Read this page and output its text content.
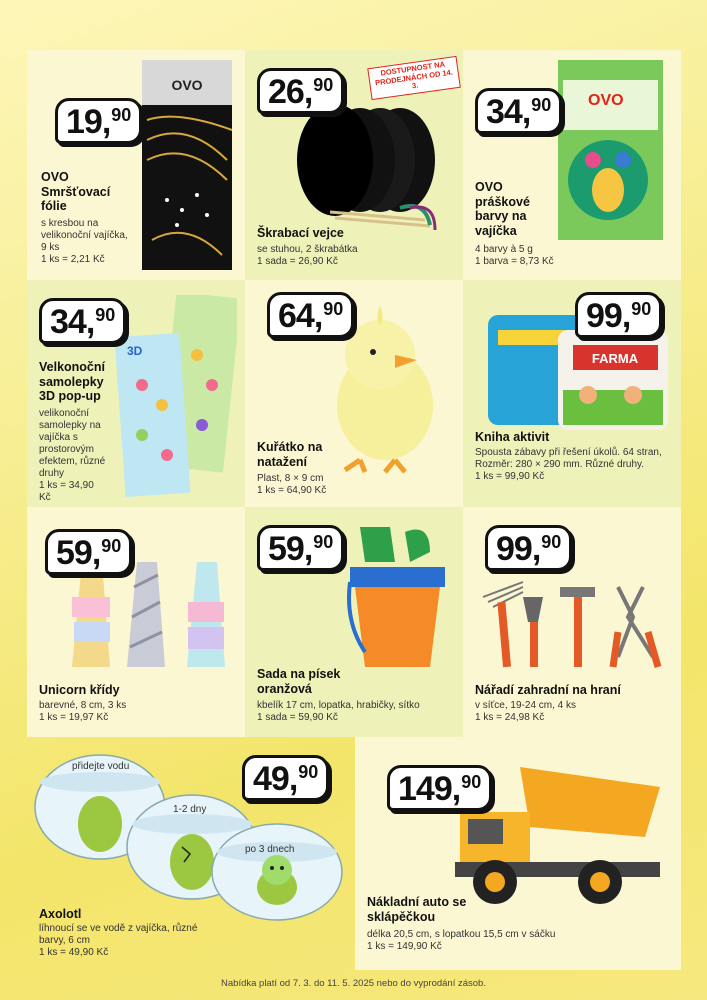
19 , 90
OVO
OVO Smršťovací fólie
s kresbou na velikonoční vajíčka, 9 ks
1 ks = 2,21 Kč
26 , 90
DOSTUPNOST NA PRODEJNÁCH OD 14. 3.
Škrabací vejce
se stuhou, 2 škrabátka
1 sada = 26,90 Kč
34 , 90 OVO
OVO práškové barvy na vajíčka
4 barvy à 5 g
1 barva = 8,73 Kč
34 , 90
3D
Velkonoční samolepky 3D pop-up
velikonoční samolepky na vajíčka s prostorovým efektem, různé druhy
1 ks = 34,90 Kč
64 , 90
Kuřátko na natažení
Plast, 8 × 9 cm
1 ks = 64,90 Kč
99 , 90
FARMA
Kniha aktivit
Spousta zábavy při řešení úkolů. 64 stran, Rozměr: 280 × 290 mm. Různé druhy.
1 ks = 99,90 Kč
59 , 90
Unicorn křídy
barevné, 8 cm, 3 ks
1 ks = 19,97 Kč
59 , 90
Sada na písek oranžová
kbelík 17 cm, lopatka, hrabičky, sítko
1 sada = 59,90 Kč
99 , 90
Nářadí zahradní na hraní
v síťce, 19-24 cm, 4 ks
1 ks = 24,98 Kč
49 , 90
přidejte vodu
1-2 dny
po 3 dnech
Axolotl
líhnoucí se ve vodě z vajíčka, různé barvy, 6 cm
1 ks = 49,90 Kč
149 , 90
Nákladní auto se sklápěčkou
délka 20,5 cm, s lopatkou 15,5 cm v sáčku
1 ks = 149,90 Kč
Nabídka platí od 7. 3. do 11. 5. 2025 nebo do vyprodání zásob.
